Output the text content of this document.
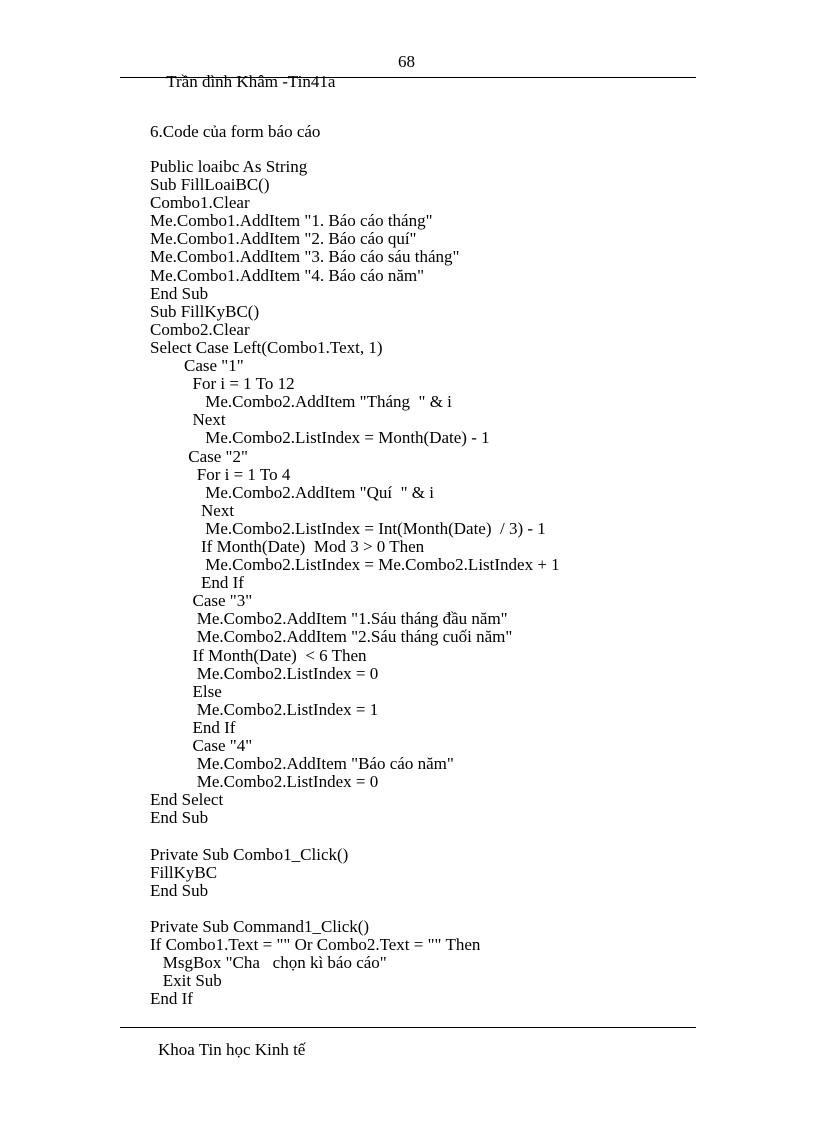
Trần đình Khâm -Tin41a

68

6.Code của form báo cáo
Public loaibc As String
Sub FillLoaiBC()
Combo1.Clear
Me.Combo1.AddItem "1. Báo cáo tháng"
Me.Combo1.AddItem "2. Báo cáo quí"
Me.Combo1.AddItem "3. Báo cáo sáu tháng"
Me.Combo1.AddItem "4. Báo cáo năm"
End Sub
Sub FillKyBC()
Combo2.Clear
Select Case Left(Combo1.Text, 1)
Case "1"
For i = 1 To 12
Me.Combo2.AddItem "Tháng  " & i
Next
Me.Combo2.ListIndex = Month(Date) - 1
Case "2"
For i = 1 To 4
Me.Combo2.AddItem "Quí  " & i
Next
Me.Combo2.ListIndex = Int(Month(Date)  / 3) - 1
If Month(Date)  Mod 3 > 0 Then
Me.Combo2.ListIndex = Me.Combo2.ListIndex + 1
End If
Case "3"
Me.Combo2.AddItem "1.Sáu tháng đầu năm"
Me.Combo2.AddItem "2.Sáu tháng cuối năm"
If Month(Date)  < 6 Then
Me.Combo2.ListIndex = 0
Else
Me.Combo2.ListIndex = 1
End If
Case "4"
Me.Combo2.AddItem "Báo cáo năm"
Me.Combo2.ListIndex = 0
End Select
End Sub
Private Sub Combo1_Click()
FillKyBC
End Sub
Private Sub Command1_Click()
If Combo1.Text = "" Or Combo2.Text = "" Then
MsgBox "Cha   chọn kì báo cáo"
Exit Sub
End If
Khoa Tin học Kinh tế
